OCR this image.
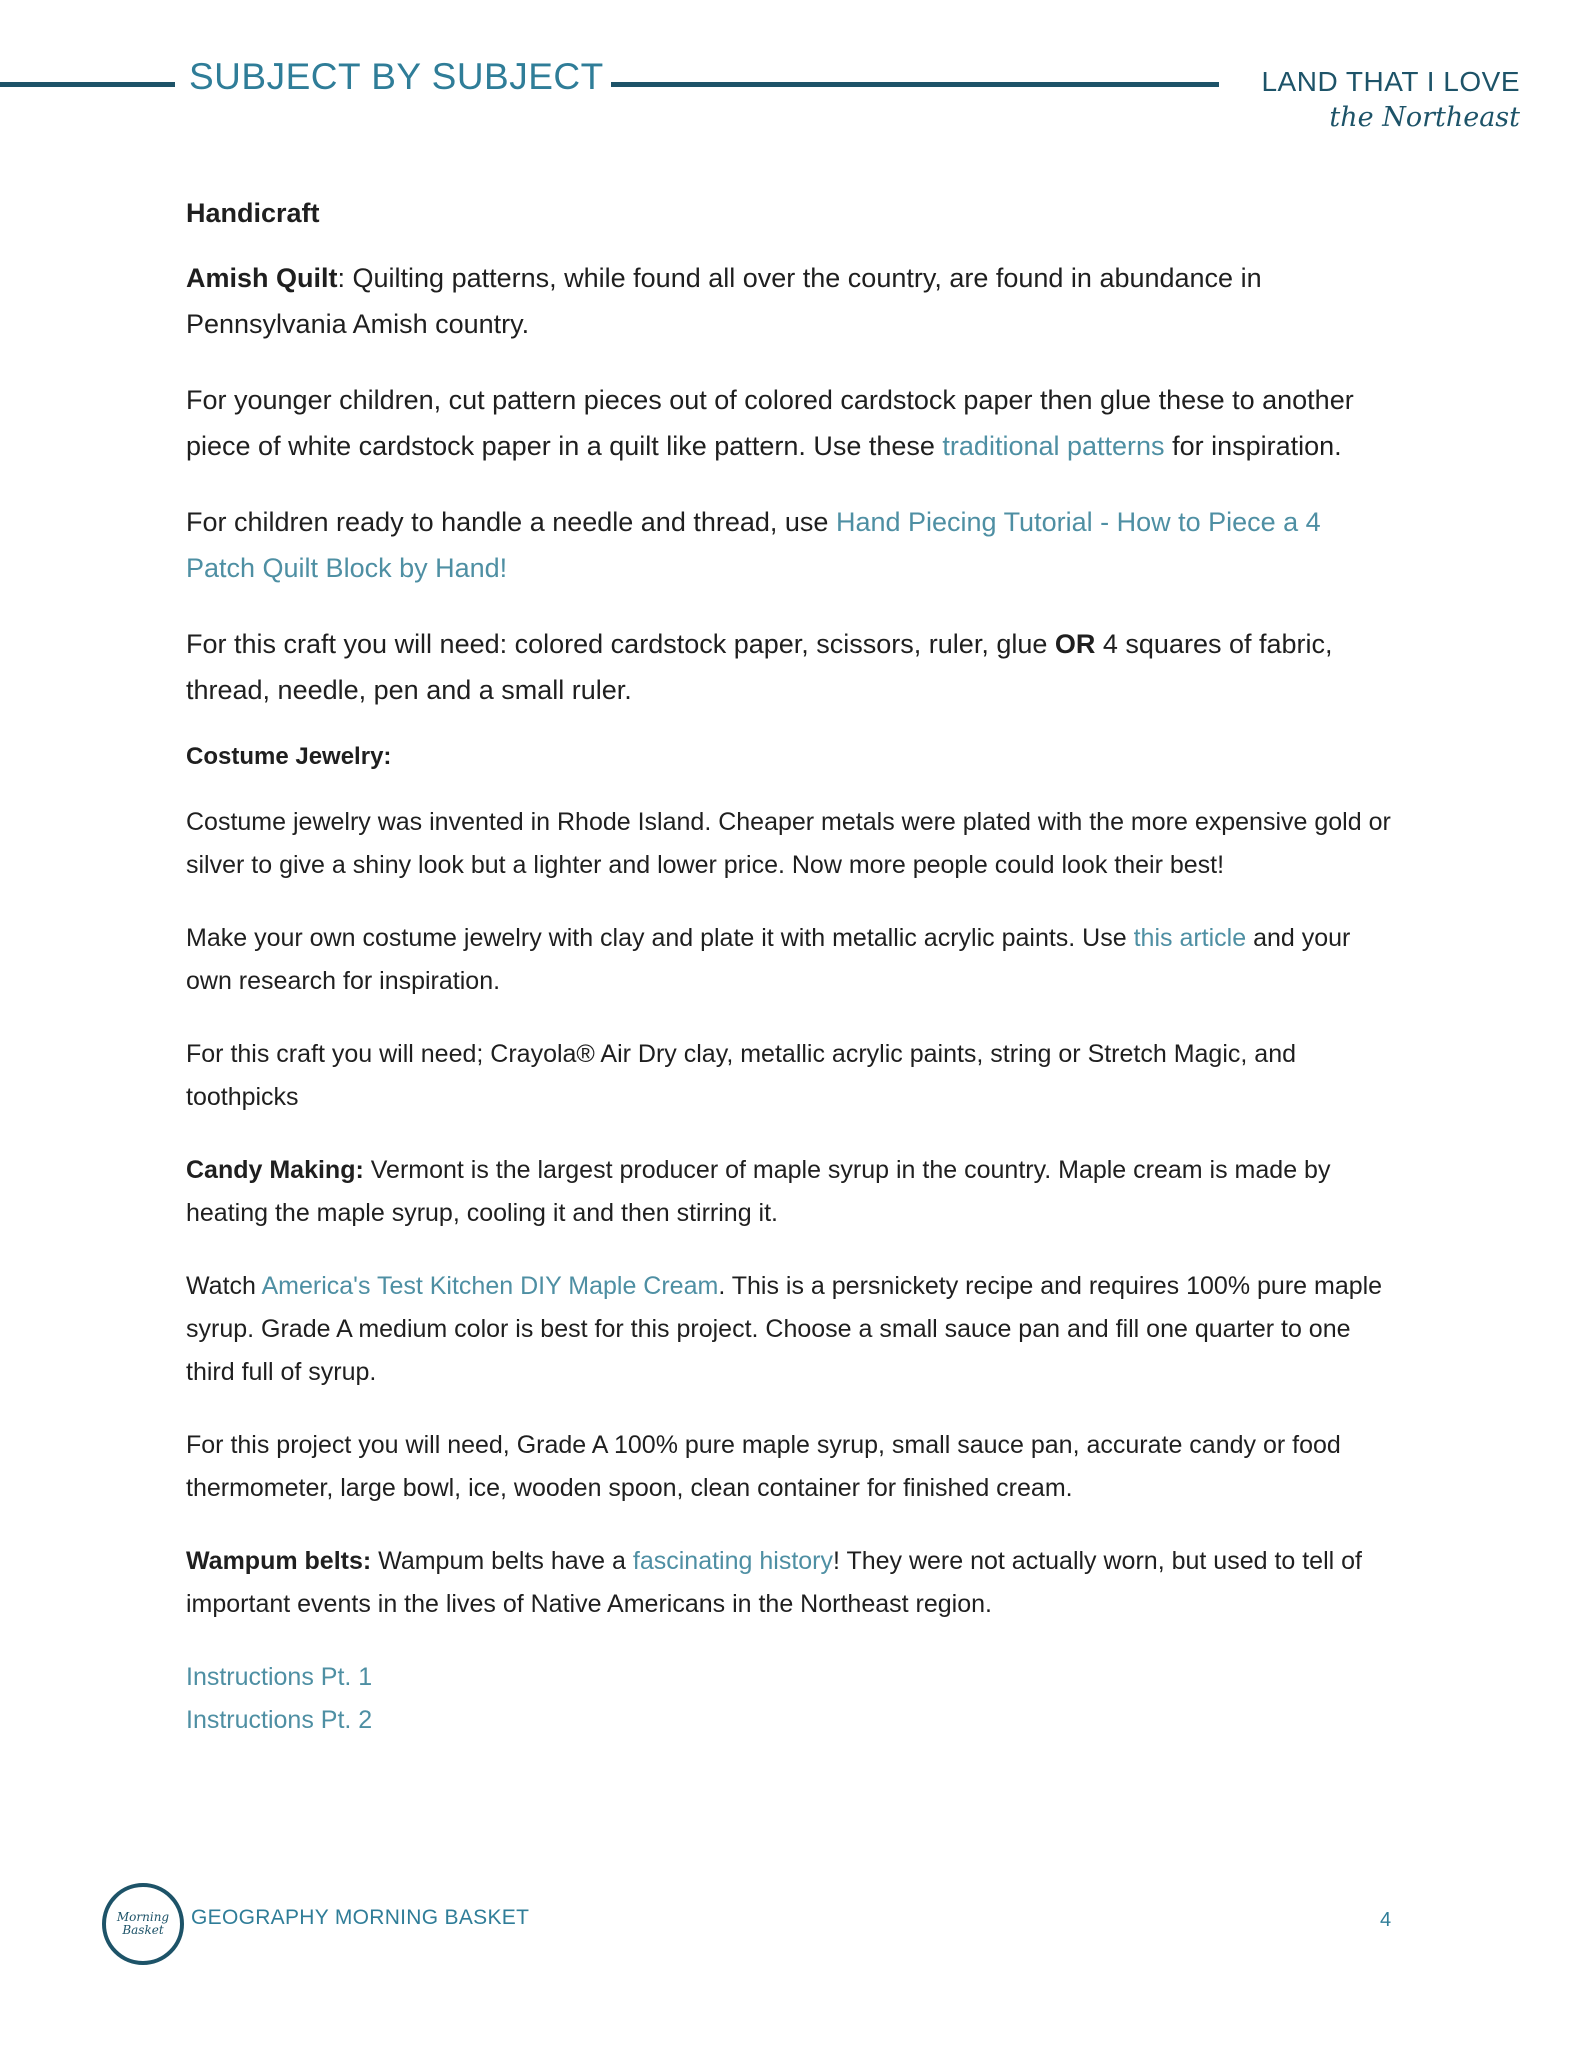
SUBJECT BY SUBJECT	LAND THAT I LOVE
the Northeast

Handicraft

Amish Quilt: Quilting patterns, while found all over the country, are found in abundance in Pennsylvania Amish country.

For younger children, cut pattern pieces out of colored cardstock paper then glue these to another piece of white cardstock paper in a quilt like pattern. Use these traditional patterns for inspiration.

For children ready to handle a needle and thread, use Hand Piecing Tutorial - How to Piece a 4 Patch Quilt Block by Hand!

For this craft you will need: colored cardstock paper, scissors, ruler, glue OR 4 squares of fabric, thread, needle, pen and a small ruler.

Costume Jewelry:

Costume jewelry was invented in Rhode Island. Cheaper metals were plated with the more expensive gold or silver to give a shiny look but a lighter and lower price. Now more people could look their best!

Make your own costume jewelry with clay and plate it with metallic acrylic paints. Use this article and your own research for inspiration.

For this craft you will need; Crayola® Air Dry clay, metallic acrylic paints, string or Stretch Magic, and toothpicks

Candy Making: Vermont is the largest producer of maple syrup in the country. Maple cream is made by heating the maple syrup, cooling it and then stirring it.

Watch America's Test Kitchen DIY Maple Cream. This is a persnickety recipe and requires 100% pure maple syrup. Grade A medium color is best for this project. Choose a small sauce pan and fill one quarter to one third full of syrup.

For this project you will need, Grade A 100% pure maple syrup, small sauce pan, accurate candy or food thermometer, large bowl, ice, wooden spoon, clean container for finished cream.

Wampum belts: Wampum belts have a fascinating history! They were not actually worn, but used to tell of important events in the lives of Native Americans in the Northeast region.

Instructions Pt. 1
Instructions Pt. 2
Morning Basket
GEOGRAPHY MORNING BASKET	4
